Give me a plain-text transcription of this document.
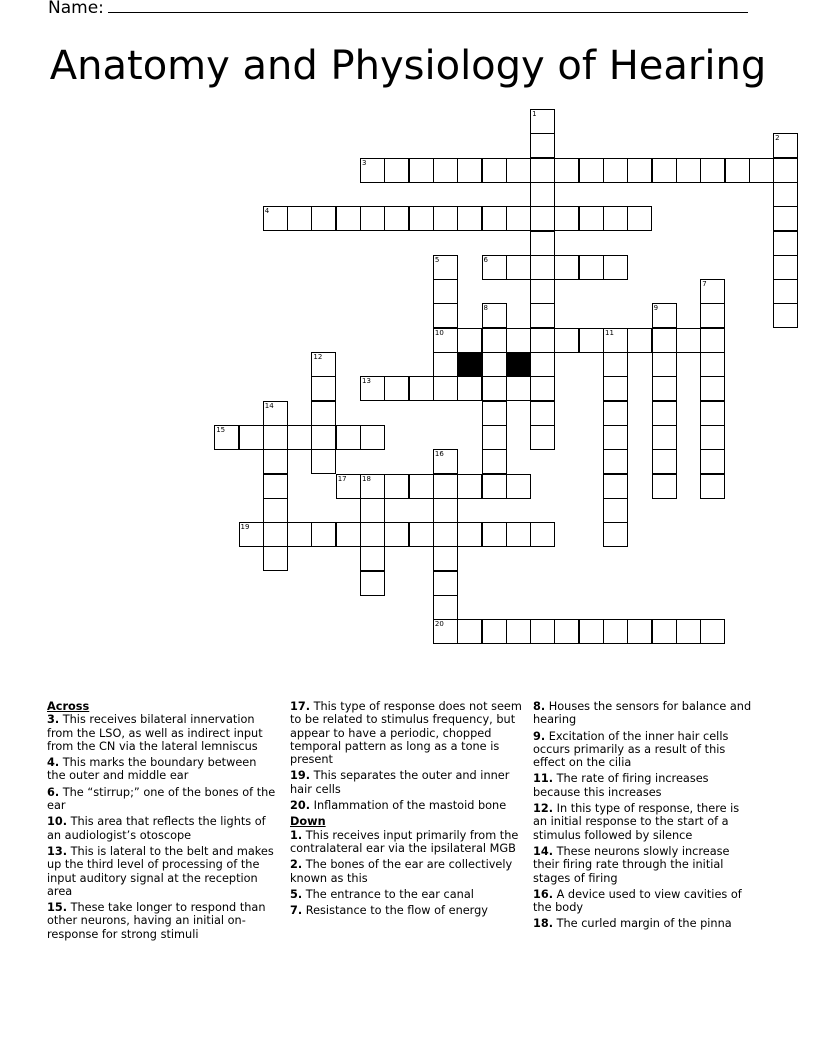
Name:
Anatomy and Physiology of Hearing
1
2
3
4
5	6
7
8	9
10	11
12
13
14
15
16
17 18
19
20
Across
3. This receives bilateral innervation from the LSO, as well as indirect input from the CN via the lateral lemniscus
4. This marks the boundary between the outer and middle ear
6. The “stirrup;” one of the bones of the ear
10. This area that reflects the lights of an audiologist’s otoscope
13. This is lateral to the belt and makes up the third level of processing of the input auditory signal at the reception area
15. These take longer to respond than other neurons, having an initial on-response for strong stimuli
17. This type of response does not seem to be related to stimulus frequency, but appear to have a periodic, chopped temporal pattern as long as a tone is present
19. This separates the outer and inner hair cells
20. Inflammation of the mastoid bone
Down
1. This receives input primarily from the contralateral ear via the ipsilateral MGB
2. The bones of the ear are collectively known as this
5. The entrance to the ear canal
7. Resistance to the flow of energy
8. Houses the sensors for balance and hearing
9. Excitation of the inner hair cells occurs primarily as a result of this effect on the cilia
11. The rate of firing increases because this increases
12. In this type of response, there is an initial response to the start of a stimulus followed by silence
14. These neurons slowly increase their firing rate through the initial stages of firing
16. A device used to view cavities of the body
18. The curled margin of the pinna
